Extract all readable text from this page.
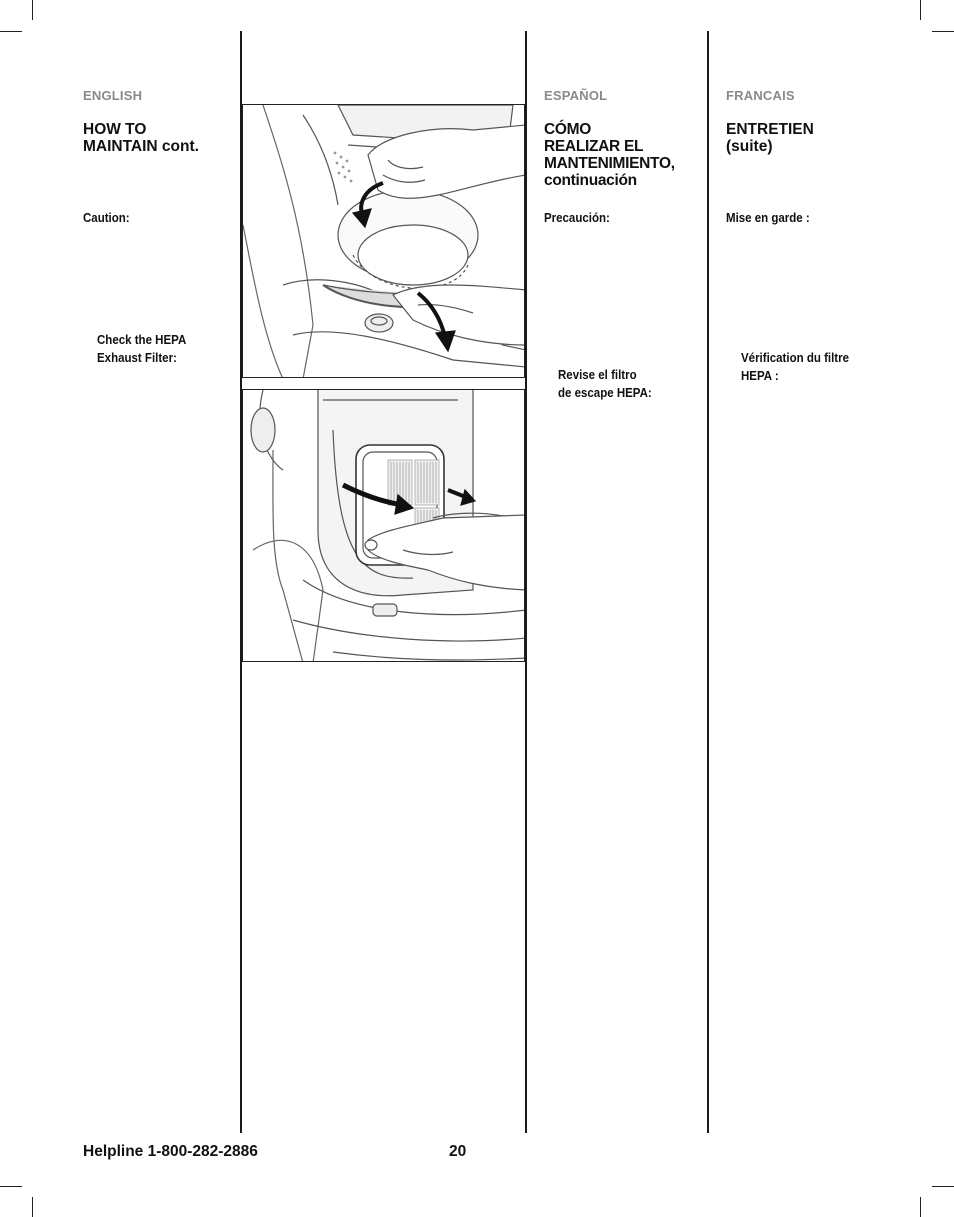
ENGLISH
HOW TO
MAINTAIN cont.
Caution:
Check the HEPA
Exhaust Filter:
ESPAÑOL
CÓMO
REALIZAR EL
MANTENIMIENTO,
continuación
Precaución:
Revise el filtro
de escape HEPA:
FRANCAIS
ENTRETIEN
(suite)
Mise en garde :
Vérification du filtre
HEPA :
Helpline 1-800-282-2886	20
